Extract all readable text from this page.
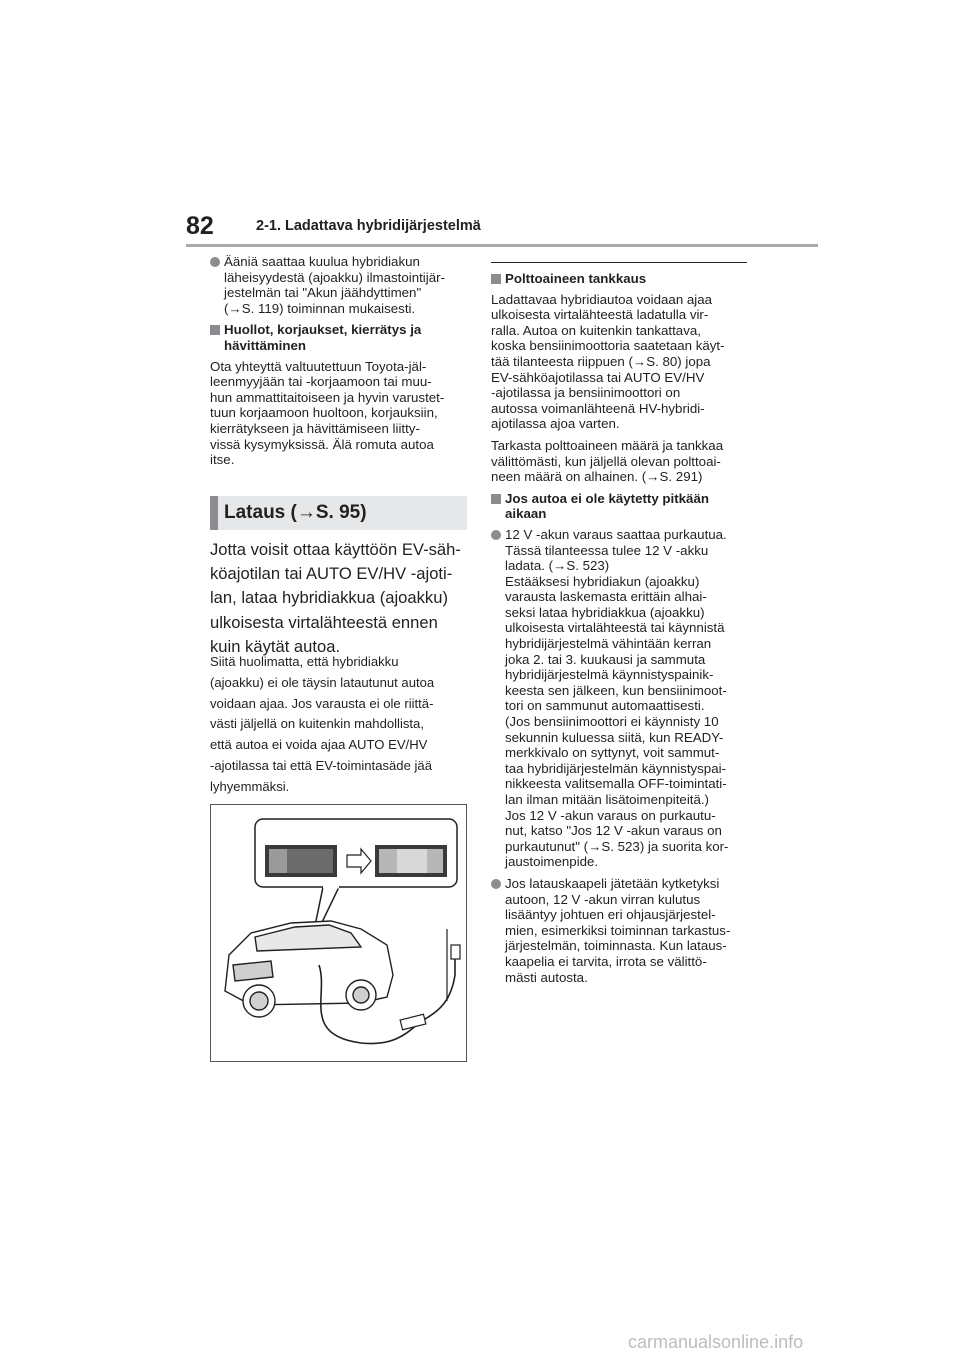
82	2-1. Ladattava hybridijärjestelmä

Ääniä saattaa kuulua hybridiakun
läheisyydestä (ajoakku) ilmastointijär-
jestelmän tai "Akun jäähdyttimen"
(→S. 119) toiminnan mukaisesti.

Huollot, korjaukset, kierrätys ja
hävittäminen

Ota yhteyttä valtuutettuun Toyota-jäl-
leenmyyjään tai -korjaamoon tai muu-
hun ammattitaitoiseen ja hyvin varustet-
tuun korjaamoon huoltoon, korjauksiin,
kierrätykseen ja hävittämiseen liitty-
vissä kysymyksissä. Älä romuta autoa
itse.

Lataus (→S. 95)
Jotta voisit ottaa käyttöön EV-säh-
köajotilan tai AUTO EV/HV -ajoti-
lan, lataa hybridiakkua (ajoakku)
ulkoisesta virtalähteestä ennen
kuin käytät autoa.
Siitä huolimatta, että hybridiakku
(ajoakku) ei ole täysin latautunut autoa
voidaan ajaa. Jos varausta ei ole riittä-
västi jäljellä on kuitenkin mahdollista,
että autoa ei voida ajaa AUTO EV/HV
-ajotilassa tai että EV-toimintasäde jää
lyhyemmäksi.

Polttoaineen tankkaus

Ladattavaa hybridiautoa voidaan ajaa
ulkoisesta virtalähteestä ladatulla vir-
ralla. Autoa on kuitenkin tankattava,
koska bensiinimoottoria saatetaan käyt-
tää tilanteesta riippuen (→S. 80) jopa
EV-sähköajotilassa tai AUTO EV/HV
-ajotilassa ja bensiinimoottori on
autossa voimanlähteenä HV-hybridi-
ajotilassa ajoa varten.

Tarkasta polttoaineen määrä ja tankkaa
välittömästi, kun jäljellä olevan polttoai-
neen määrä on alhainen. (→S. 291)

Jos autoa ei ole käytetty pitkään
aikaan

12 V -akun varaus saattaa purkautua.
Tässä tilanteessa tulee 12 V -akku
ladata. (→S. 523)
Estääksesi hybridiakun (ajoakku)
varausta laskemasta erittäin alhai-
seksi lataa hybridiakkua (ajoakku)
ulkoisesta virtalähteestä tai käynnistä
hybridijärjestelmä vähintään kerran
joka 2. tai 3. kuukausi ja sammuta
hybridijärjestelmä käynnistyspainik-
keesta sen jälkeen, kun bensiinimoot-
tori on sammunut automaattisesti.
(Jos bensiinimoottori ei käynnisty 10
sekunnin kuluessa siitä, kun READY-
merkkivalo on syttynyt, voit sammut-
taa hybridijärjestelmän käynnistyspai-
nikkeesta valitsemalla OFF-toimintati-
lan ilman mitään lisätoimenpiteitä.)
Jos 12 V -akun varaus on purkautu-
nut, katso "Jos 12 V -akun varaus on
purkautunut" (→S. 523) ja suorita kor-
jaustoimenpide.

Jos latauskaapeli jätetään kytketyksi
autoon, 12 V -akun virran kulutus
lisääntyy johtuen eri ohjausjärjestel-
mien, esimerkiksi toiminnan tarkastus-
järjestelmän, toiminnasta. Kun lataus-
kaapelia ei tarvita, irrota se välittö-
mästi autosta.

carmanualsonline.info
